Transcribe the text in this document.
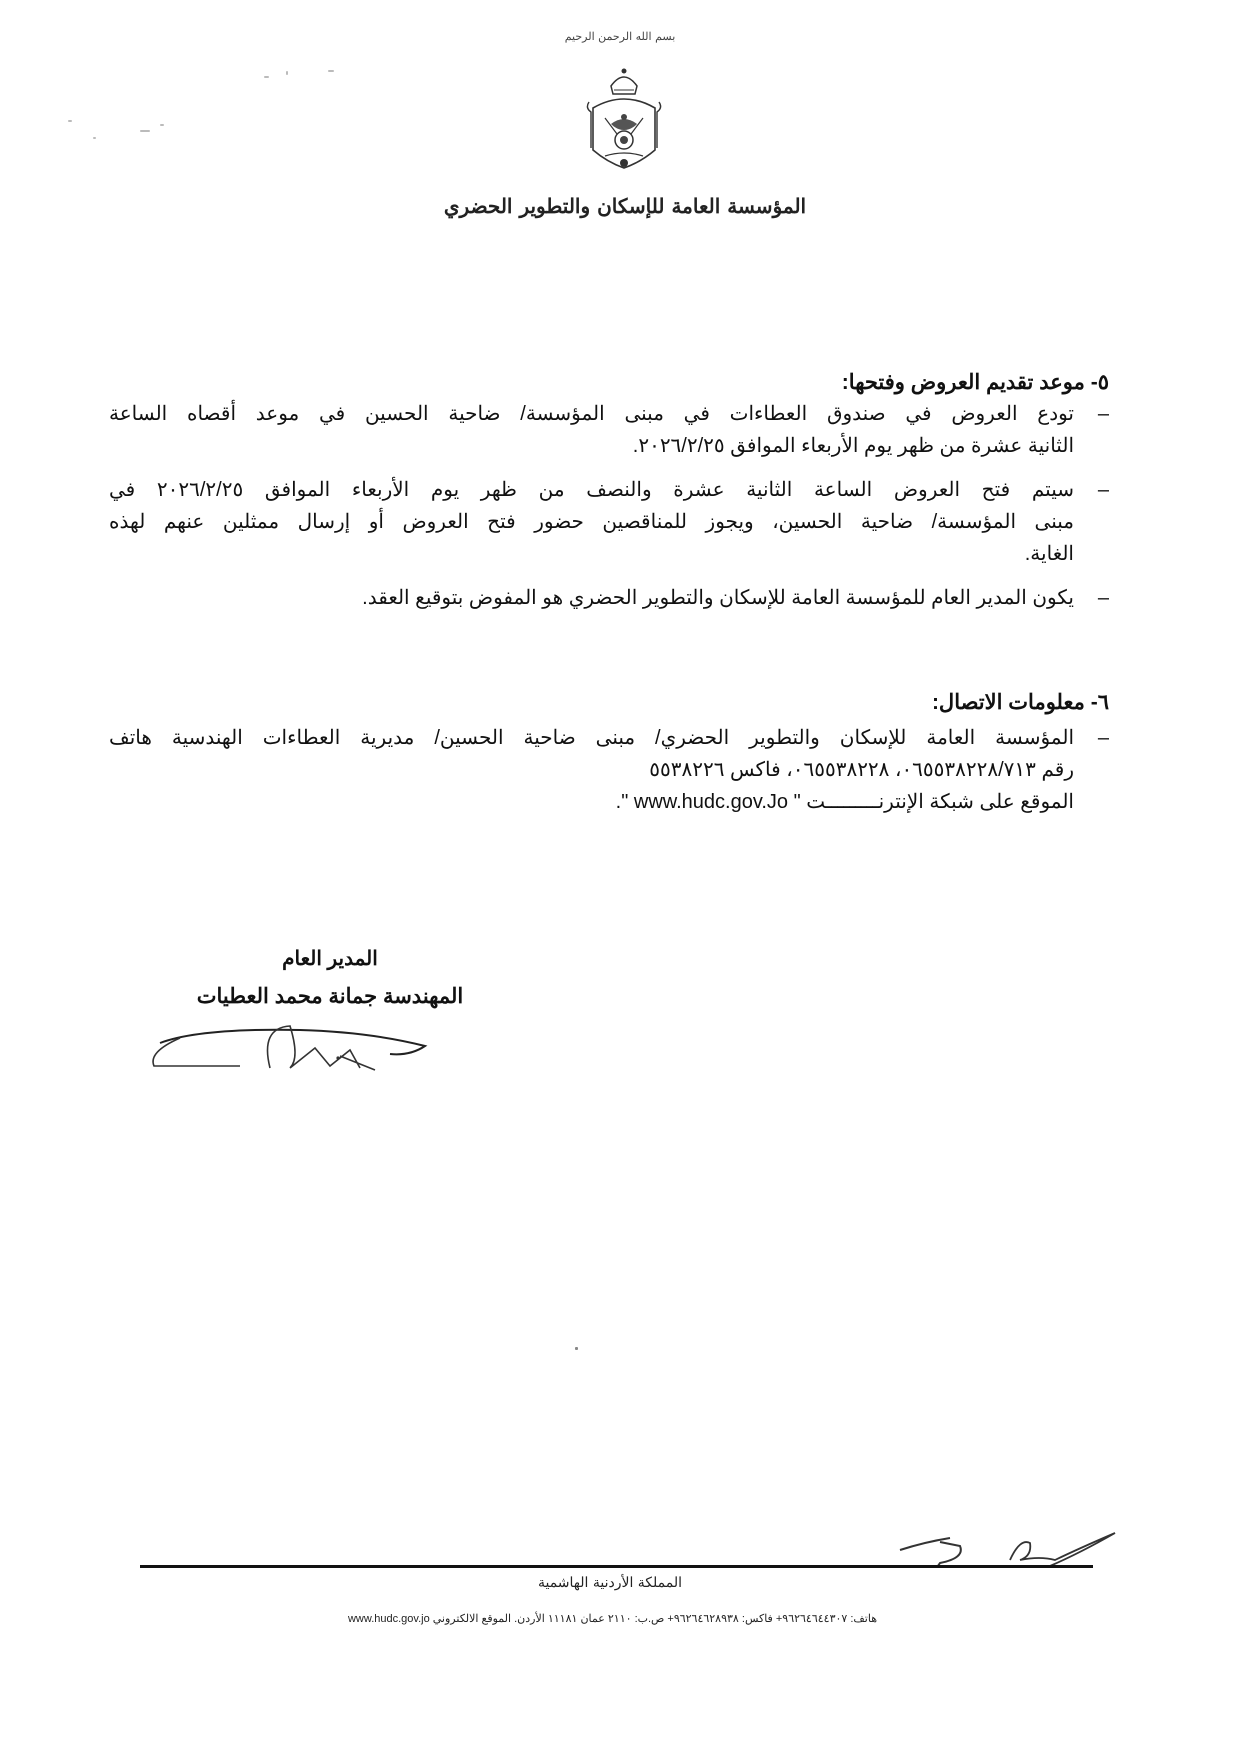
بسم الله الرحمن الرحيم
المؤسسة العامة للإسكان والتطوير الحضري
٥- موعد تقديم العروض وفتحها:
–
تودع العروض في صندوق العطاءات في مبنى المؤسسة/ ضاحية الحسين في موعد أقصاه الساعة
الثانية عشرة من ظهر يوم الأربعاء الموافق ٢٠٢٦/٢/٢٥.
–
سيتم فتح العروض الساعة الثانية عشرة والنصف من ظهر يوم الأربعاء الموافق ٢٠٢٦/٢/٢٥ في
مبنى المؤسسة/ ضاحية الحسين، ويجوز للمناقصين حضور فتح العروض أو إرسال ممثلين عنهم لهذه
الغاية.
–
يكون المدير العام للمؤسسة العامة للإسكان والتطوير الحضري هو المفوض بتوقيع العقد.
٦- معلومات الاتصال:
–
المؤسسة العامة للإسكان والتطوير الحضري/ مبنى ضاحية الحسين/ مديرية العطاءات الهندسية هاتف
رقم ٠٦٥٥٣٨٢٢٨/٧١٣، ٠٦٥٥٣٨٢٢٨، فاكس ٥٥٣٨٢٢٦
الموقع على شبكة الإنترنـــــــــت " www.hudc.gov.Jo ".
المدير العام
المهندسة جمانة محمد العطيات
المملكة الأردنية الهاشمية
هاتف: ٩٦٢٦٤٦٤٤٣٠٧+ فاكس: ٩٦٢٦٤٦٢٨٩٣٨+ ص.ب: ٢١١٠ عمان ١١١٨١ الأردن. الموقع الالكتروني www.hudc.gov.jo
